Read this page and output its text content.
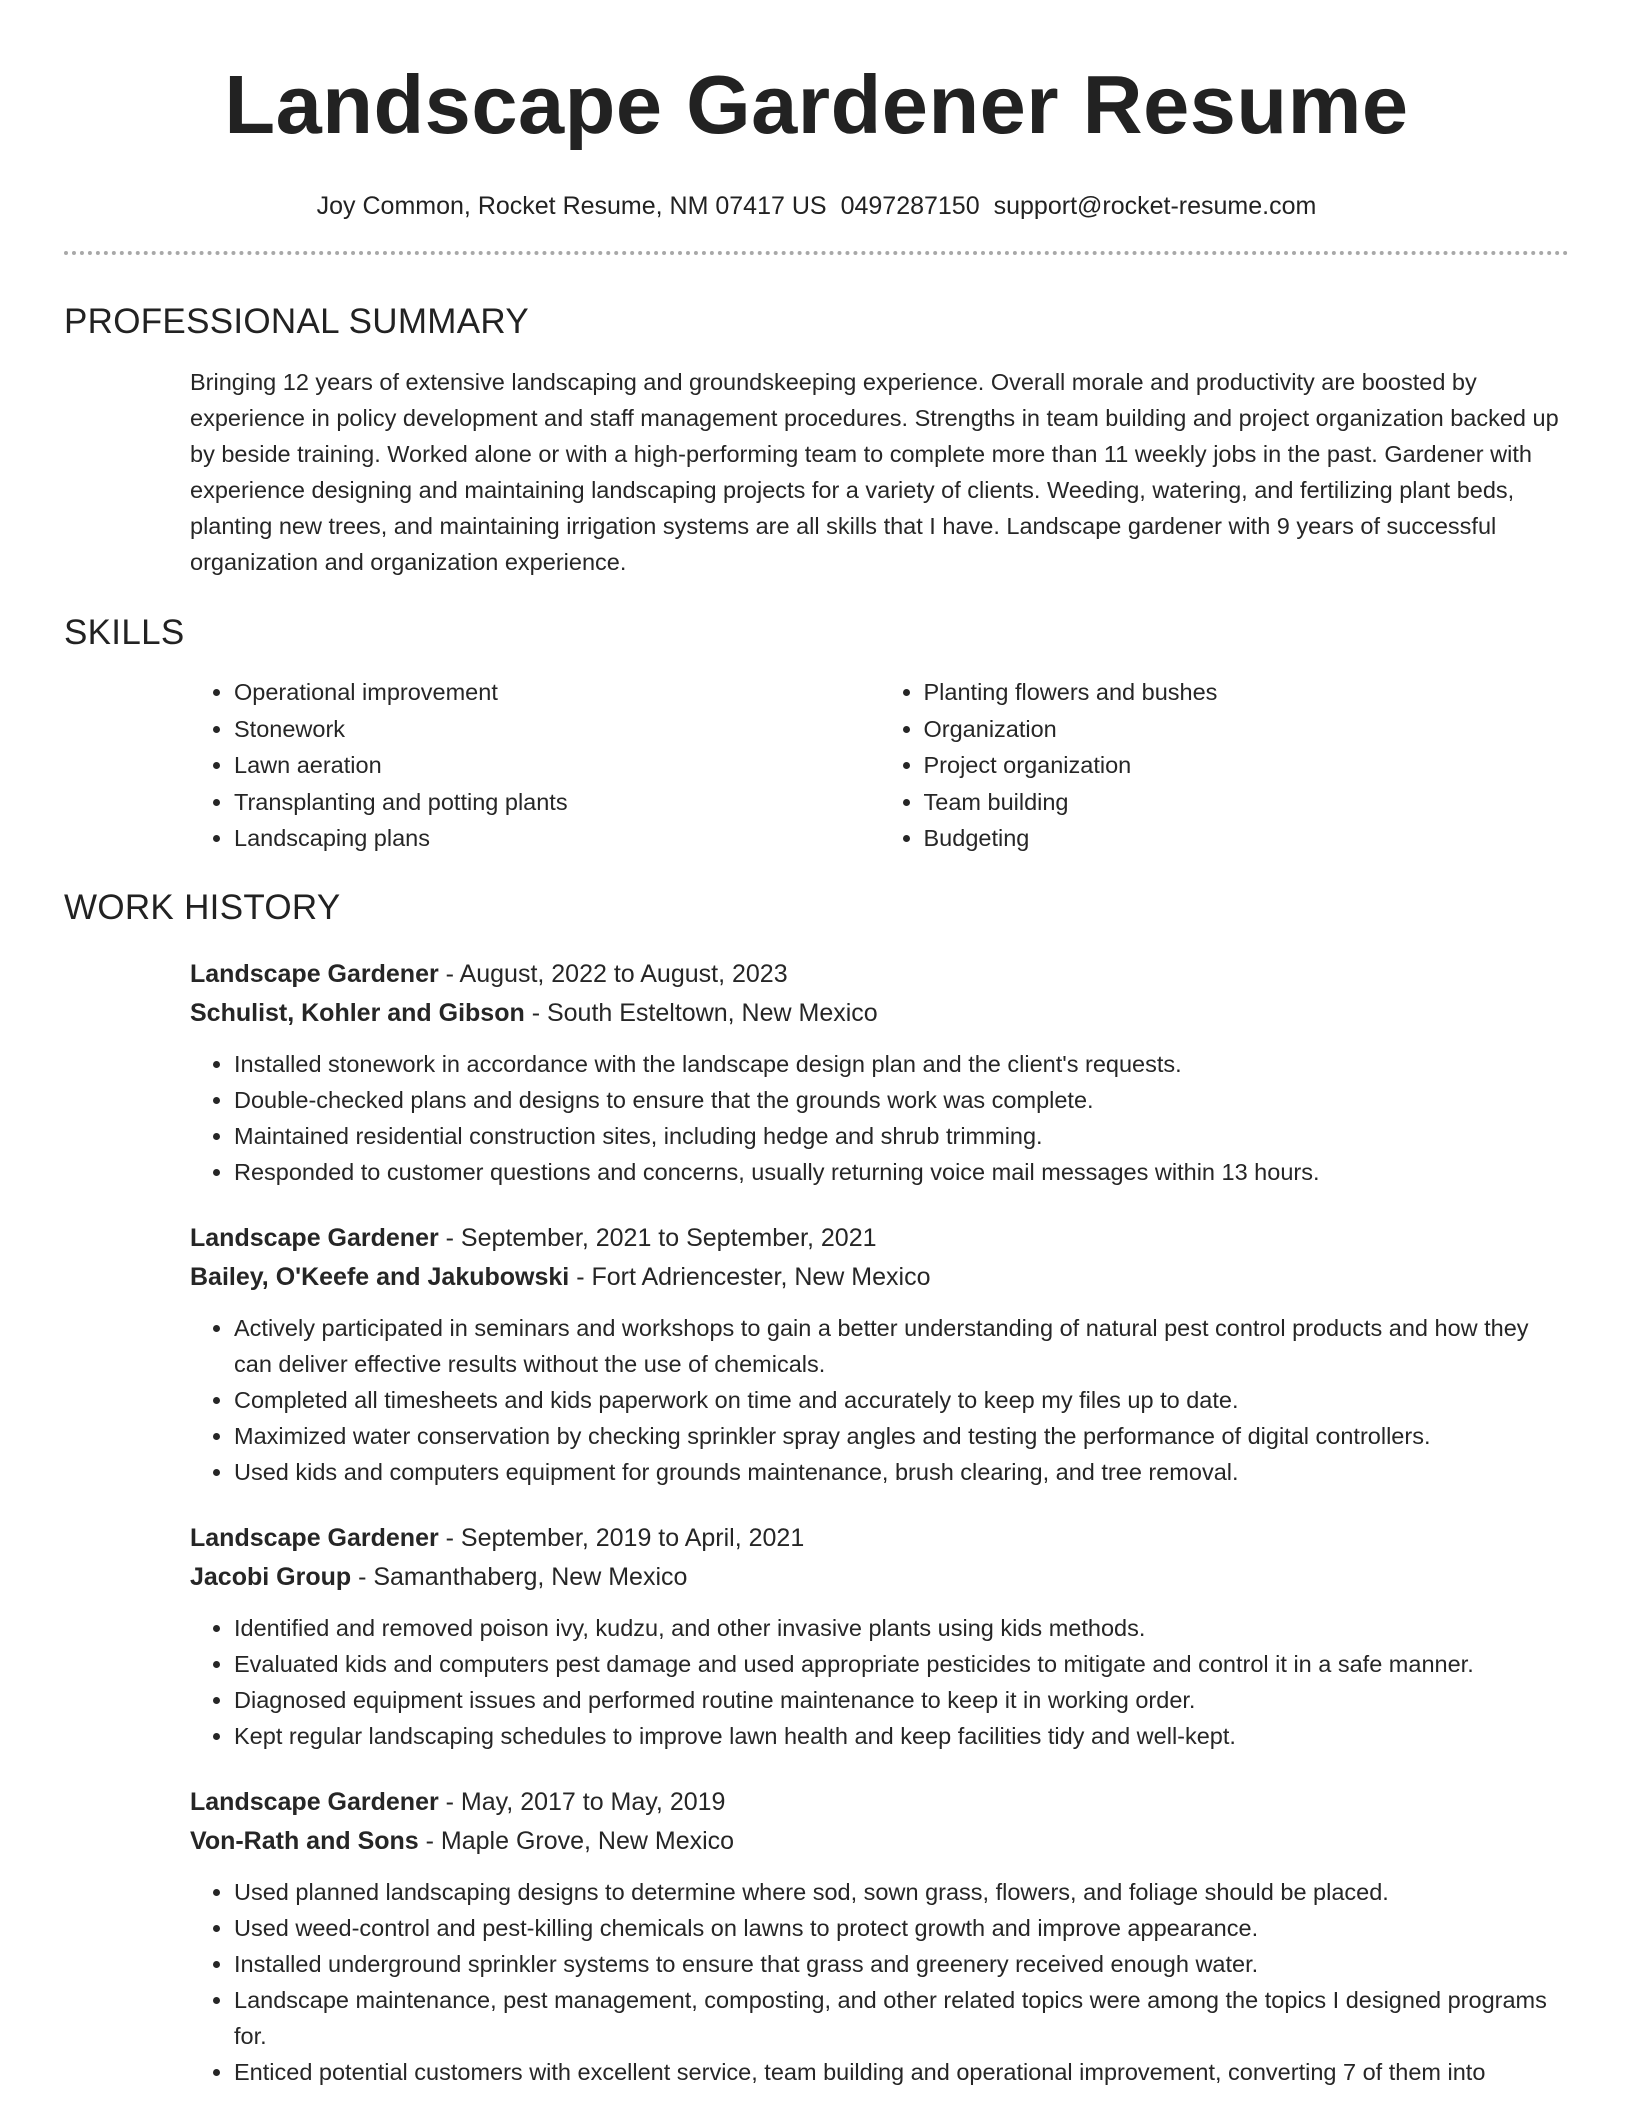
Landscape Gardener Resume
Joy Common, Rocket Resume, NM 07417 US 0497287150 support@rocket-resume.com
PROFESSIONAL SUMMARY
Bringing 12 years of extensive landscaping and groundskeeping experience. Overall morale and productivity are boosted by experience in policy development and staff management procedures. Strengths in team building and project organization backed up by beside training. Worked alone or with a high-performing team to complete more than 11 weekly jobs in the past. Gardener with experience designing and maintaining landscaping projects for a variety of clients. Weeding, watering, and fertilizing plant beds, planting new trees, and maintaining irrigation systems are all skills that I have. Landscape gardener with 9 years of successful organization and organization experience.
SKILLS
• Operational improvement
• Stonework
• Lawn aeration
• Transplanting and potting plants
• Landscaping plans
• Planting flowers and bushes
• Organization
• Project organization
• Team building
• Budgeting
WORK HISTORY
Landscape Gardener - August, 2022 to August, 2023
Schulist, Kohler and Gibson - South Esteltown, New Mexico
• Installed stonework in accordance with the landscape design plan and the client's requests.
• Double-checked plans and designs to ensure that the grounds work was complete.
• Maintained residential construction sites, including hedge and shrub trimming.
• Responded to customer questions and concerns, usually returning voice mail messages within 13 hours.
Landscape Gardener - September, 2021 to September, 2021
Bailey, O'Keefe and Jakubowski - Fort Adriencester, New Mexico
• Actively participated in seminars and workshops to gain a better understanding of natural pest control products and how they can deliver effective results without the use of chemicals.
• Completed all timesheets and kids paperwork on time and accurately to keep my files up to date.
• Maximized water conservation by checking sprinkler spray angles and testing the performance of digital controllers.
• Used kids and computers equipment for grounds maintenance, brush clearing, and tree removal.
Landscape Gardener - September, 2019 to April, 2021
Jacobi Group - Samanthaberg, New Mexico
• Identified and removed poison ivy, kudzu, and other invasive plants using kids methods.
• Evaluated kids and computers pest damage and used appropriate pesticides to mitigate and control it in a safe manner.
• Diagnosed equipment issues and performed routine maintenance to keep it in working order.
• Kept regular landscaping schedules to improve lawn health and keep facilities tidy and well-kept.
Landscape Gardener - May, 2017 to May, 2019
Von-Rath and Sons - Maple Grove, New Mexico
• Used planned landscaping designs to determine where sod, sown grass, flowers, and foliage should be placed.
• Used weed-control and pest-killing chemicals on lawns to protect growth and improve appearance.
• Installed underground sprinkler systems to ensure that grass and greenery received enough water.
• Landscape maintenance, pest management, composting, and other related topics were among the topics I designed programs for.
• Enticed potential customers with excellent service, team building and operational improvement, converting 7 of them into
